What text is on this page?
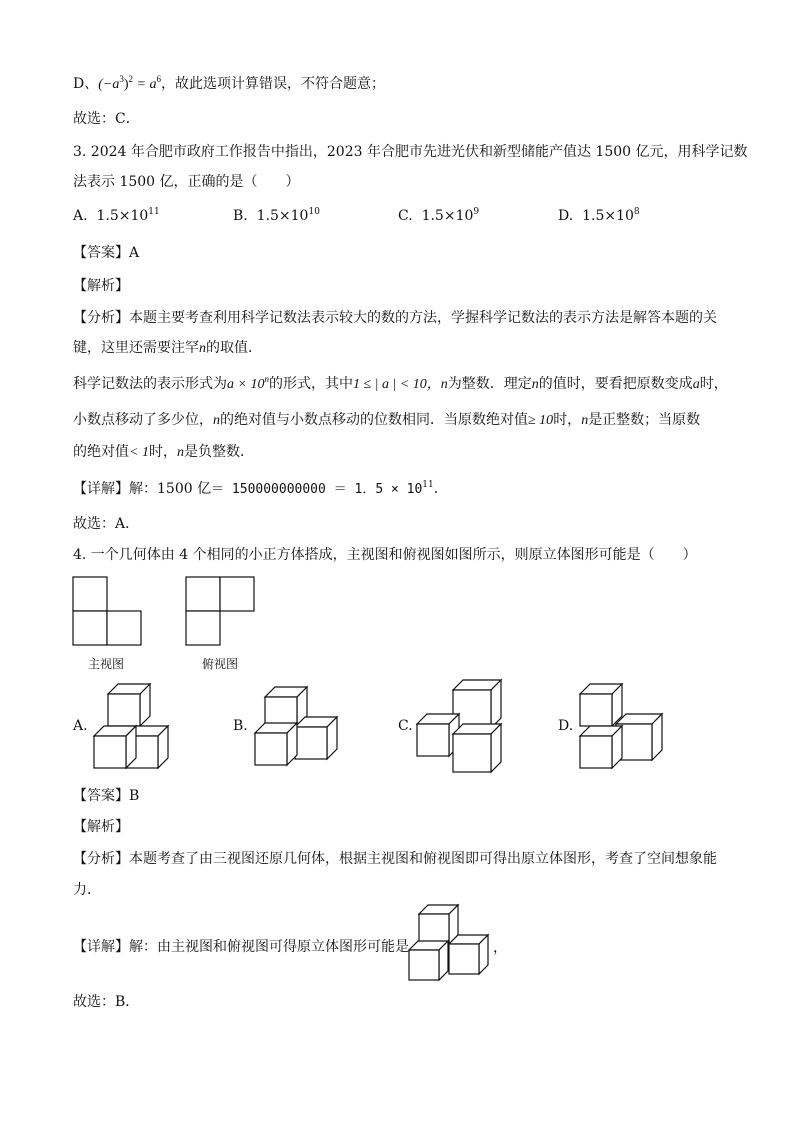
D、$(-a^3)^2 = a^6$，故此选项计算错误，不符合题意；
故选：C．
3. 2024 年合肥市政府工作报告中指出，2023 年合肥市先进光伏和新型储能产值达 1500 亿元，用科学记数
法表示 1500 亿，正确的是（　　）
A. $1.5\times 10^{11}$	B. $1.5\times 10^{10}$	C. $1.5\times 10^9$	D. $1.5\times 10^8$
【答案】A
【解析】
【分析】本题主要考查利用科学记数法表示较大的数的方法，学握科学记数法的表示方法是解答本题的关
键，这里还需要注罕n的取值．
科学记数法的表示形式为$a \times 10^n$的形式，其中1 ≤ | a | < 10，n为整数．理定n的值时，要看把原数变成a时，
小数点移动了多少位，n的绝对值与小数点移动的位数相同．当原数绝对值≥ 10时，n是正整数；当原数
的绝对值< 1时，n是负整数．
【详解】解：1500 亿＝ 150000000000 ＝ 1．$5 \times 10^{11}$．
故选：A．
4. 一个几何体由 4 个相同的小正方体搭成，主视图和俯视图如图所示，则原立体图形可能是（　　）
主视图	俯视图
A.	B.	C.	D.
【答案】B
【解析】
【分析】本题考查了由三视图还原几何体，根据主视图和俯视图即可得出原立体图形，考查了空间想象能
力．
【详解】解：由主视图和俯视图可得原立体图形可能是	，
故选：B．
